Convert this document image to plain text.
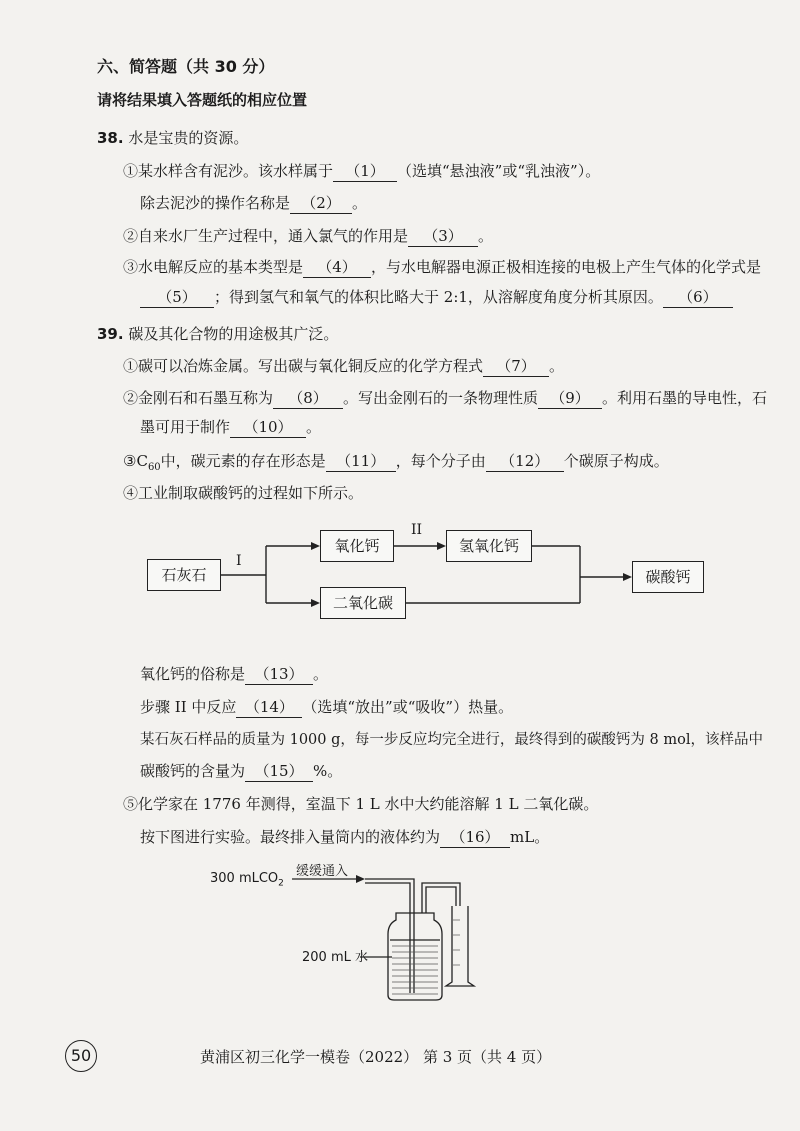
六、简答题（共 30 分）
请将结果填入答题纸的相应位置
38. 水是宝贵的资源。
①某水样含有泥沙。该水样属于 （1） （选填“悬浊液”或“乳浊液”）。
除去泥沙的操作名称是 （2） 。
②自来水厂生产过程中，通入氯气的作用是 （3） 。
③水电解反应的基本类型是 （4） ，与水电解器电源正极相连接的电极上产生气体的化学式是
（5） ；得到氢气和氧气的体积比略大于 2:1，从溶解度角度分析其原因。 （6）
39. 碳及其化合物的用途极其广泛。
①碳可以冶炼金属。写出碳与氧化铜反应的化学方程式 （7） 。
②金刚石和石墨互称为 （8） 。写出金刚石的一条物理性质 （9） 。利用石墨的导电性，石
墨可用于制作 （10） 。
$③C_{60}$中，碳元素的存在形态是 （11） ，每个分子由 （12） 个碳原子构成。
④工业制取碳酸钙的过程如下所示。
石灰石
I
氧化钙
II
氢氧化钙
二氧化碳
碳酸钙
氧化钙的俗称是 （13） 。
步骤 II 中反应 （14） （选填“放出”或“吸收”）热量。
某石灰石样品的质量为 1000 g，每一步反应均完全进行，最终得到的碳酸钙为 8 mol，该样品中
碳酸钙的含量为 （15） %。
⑤化学家在 1776 年测得，室温下 1 L 水中大约能溶解 1 L 二氧化碳。
按下图进行实验。最终排入量筒内的液体约为 （16） mL。
300 mLCO$_2$
缓缓通入
200 mL 水
50	黄浦区初三化学一模卷（2022） 第 3 页（共 4 页）
